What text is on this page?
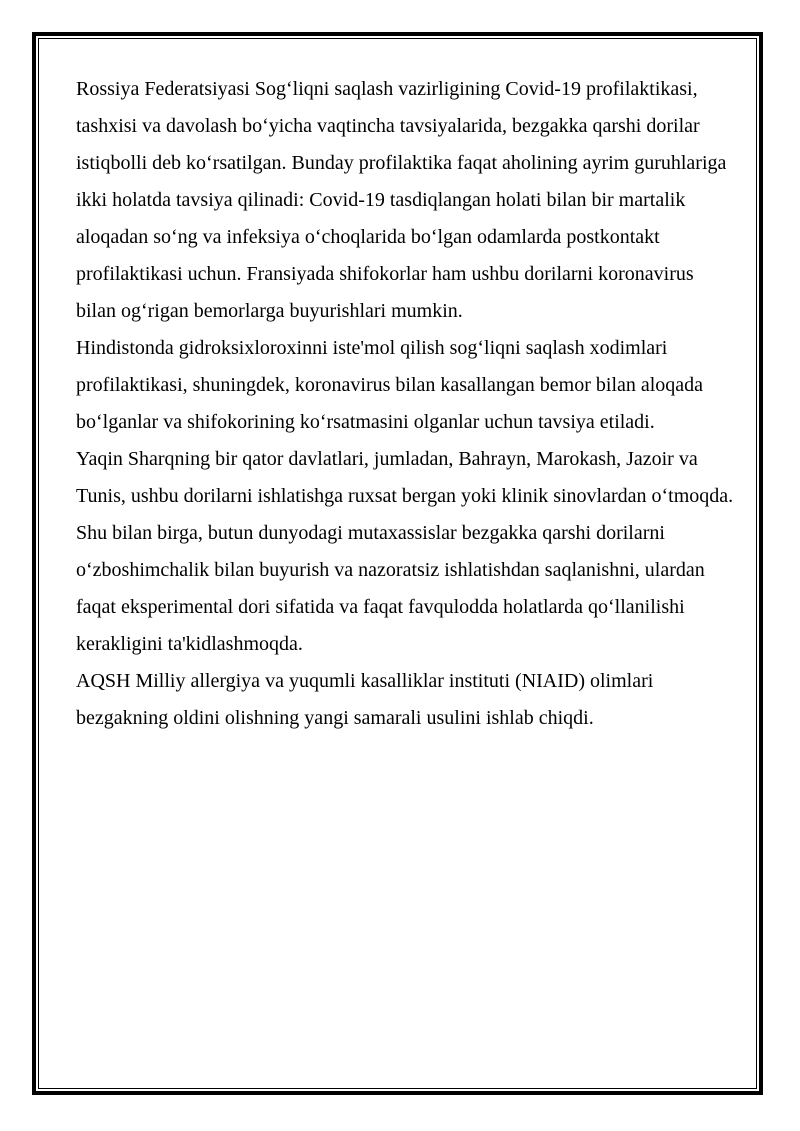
Rossiya Federatsiyasi Sog‘liqni saqlash vazirligining Covid-19 profilaktikasi, tashxisi va davolash bo‘yicha vaqtincha tavsiyalarida, bezgakka qarshi dorilar istiqbolli deb ko‘rsatilgan. Bunday profilaktika faqat aholining ayrim guruhlariga ikki holatda tavsiya qilinadi: Covid-19 tasdiqlangan holati bilan bir martalik aloqadan so‘ng va infeksiya o‘choqlarida bo‘lgan odamlarda postkontakt profilaktikasi uchun. Fransiyada shifokorlar ham ushbu dorilarni koronavirus bilan og‘rigan bemorlarga buyurishlari mumkin.

Hindistonda gidroksixloroxinni iste'mol qilish sog‘liqni saqlash xodimlari profilaktikasi, shuningdek, koronavirus bilan kasallangan bemor bilan aloqada bo‘lganlar va shifokorining ko‘rsatmasini olganlar uchun tavsiya etiladi.

Yaqin Sharqning bir qator davlatlari, jumladan, Bahrayn, Marokash, Jazoir va Tunis, ushbu dorilarni ishlatishga ruxsat bergan yoki klinik sinovlardan o‘tmoqda.

Shu bilan birga, butun dunyodagi mutaxassislar bezgakka qarshi dorilarni o‘zboshimchalik bilan buyurish va nazoratsiz ishlatishdan saqlanishni, ulardan faqat eksperimental dori sifatida va faqat favqulodda holatlarda qo‘llanilishi kerakligini ta'kidlashmoqda.

AQSH Milliy allergiya va yuqumli kasalliklar instituti (NIAID) olimlari bezgakning oldini olishning yangi samarali usulini ishlab chiqdi.
